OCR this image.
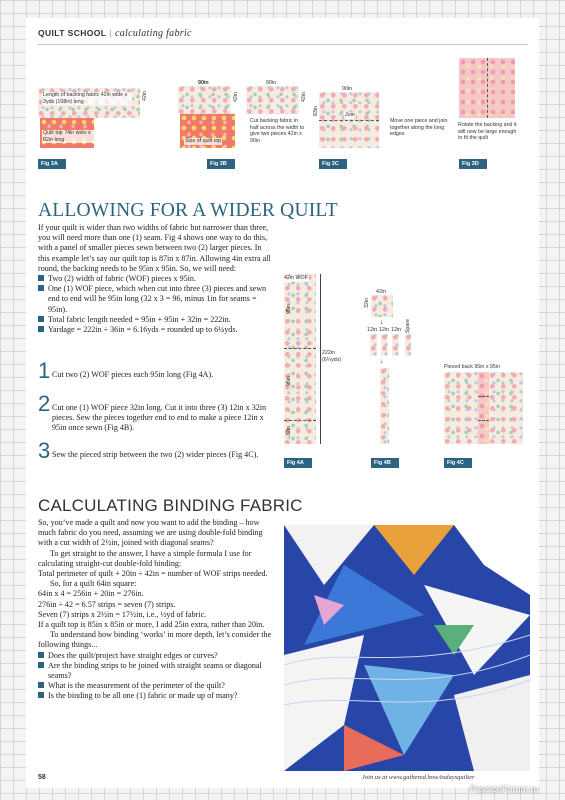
QUILT SCHOOL | calculating fabric
Length of backing fabric 42in wide x 3yds (108in) long
42in
Quilt top 74in wide x 82in long
Fig 3A
90in
42in
Size of quilt top
90in
42in
Cut backing fabric in half across the width to give two pieces 42in x 90in
Fig 3B
90in
83in	Join
Move one piece and join together along the long edges
Fig 3C
Rotate the backing and it will now be large enough to fit the quilt
Fig 3D
ALLOWING FOR A WIDER QUILT

If your quilt is wider than two widths of fabric but narrower than three, you will need more than one (1) seam. Fig 4 shows one way to do this, with a panel of smaller pieces sewn between two (2) larger pieces. In this example let’s say our quilt top is 87in x 87in. Allowing 4in extra all round, the backing needs to be 95in x 95in. So, we will need:

Two (2) width of fabric (WOF) pieces x 95in.

One (1) WOF piece, which when cut into three (3) pieces and sewn end to end will be 95in long (32 x 3 = 96, minus 1in for seams = 95in).

Total fabric length needed = 95in + 95in + 32in = 222in.

Yardage = 222in ÷ 36in = 6.16yds = rounded up to 6¼yds.

1 Cut two (2) WOF pieces each 95in long (Fig 4A).
2 Cut one (1) WOF piece 32in long. Cut it into three (3) 12in x 32in pieces. Sew the pieces together end to end to make a piece 12in x 95in once sewn (Fig 4B).
3 Sew the pieced strip between the two (2) wider pieces (Fig 4C).
42in WOF
95in
95in
32in
222in
(6¼yds)
Fig 4A
42in
32in
↓
12in 12in 12in Spare
↓
Fig 4B
Pieced back 95in x 95in
Fig 4C
CALCULATING BINDING FABRIC

So, you’ve made a quilt and now you want to add the binding – how much fabric do you need, assuming we are using double-fold binding with a cut width of 2½in, joined with diagonal seams?

To get straight to the answer, I have a simple formula I use for calculating straight-cut double-fold binding:

Total perimeter of quilt + 20in ÷ 42in = number of WOF strips needed.

So, for a quilt 64in square:

64in x 4 = 256in + 20in = 276in.

276in ÷ 42 = 6.57 strips = seven (7) strips.

Seven (7) strips x 2½in = 17½in, i.e., ½yd of fabric.

If a quilt top is 85in x 85in or more, I add 25in extra, rather than 20in.

To understand how binding ‘works’ in more depth, let’s consider the following things...

Does the quilt/project have straight edges or curves?

Are the binding strips to be joined with straight seams or diagonal seams?

What is the measurement of the perimeter of the quilt?

Is the binding to be all one (1) fabric or made up of many?

58	Join us at www.gathered.how/todaysquilter
PassionForum.ru
